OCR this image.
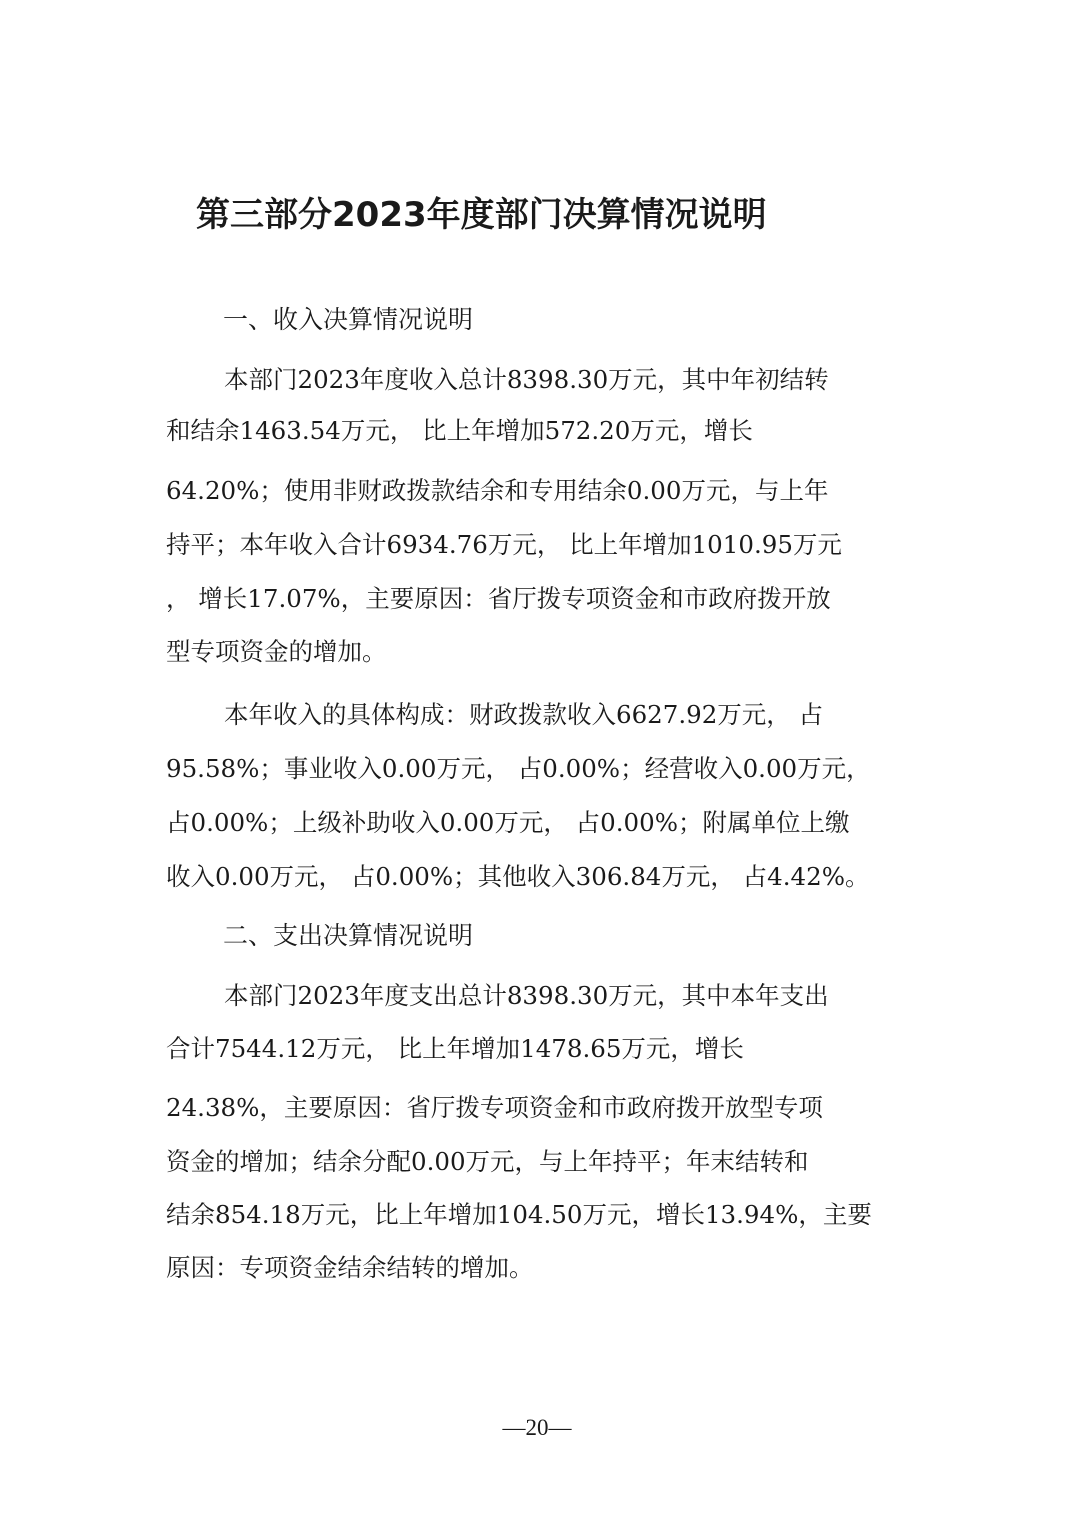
第三部分2023年度部门决算情况说明
一、收入决算情况说明
本部门2023年度收入总计8398.30万元，其中年初结转
和结余1463.54万元， 比上年增加572.20万元，增长
64.20%；使用非财政拨款结余和专用结余0.00万元，与上年
持平；本年收入合计6934.76万元， 比上年增加1010.95万元
， 增长17.07%，主要原因：省厅拨专项资金和市政府拨开放
型专项资金的增加。
本年收入的具体构成：财政拨款收入6627.92万元， 占
95.58%；事业收入0.00万元， 占0.00%；经营收入0.00万元，
占0.00%；上级补助收入0.00万元， 占0.00%；附属单位上缴
收入0.00万元， 占0.00%；其他收入306.84万元， 占4.42%。
二、支出决算情况说明
本部门2023年度支出总计8398.30万元，其中本年支出
合计7544.12万元， 比上年增加1478.65万元，增长
24.38%，主要原因：省厅拨专项资金和市政府拨开放型专项
资金的增加；结余分配0.00万元，与上年持平；年末结转和
结余854.18万元，比上年增加104.50万元，增长13.94%，主要
原因：专项资金结余结转的增加。
—20—
